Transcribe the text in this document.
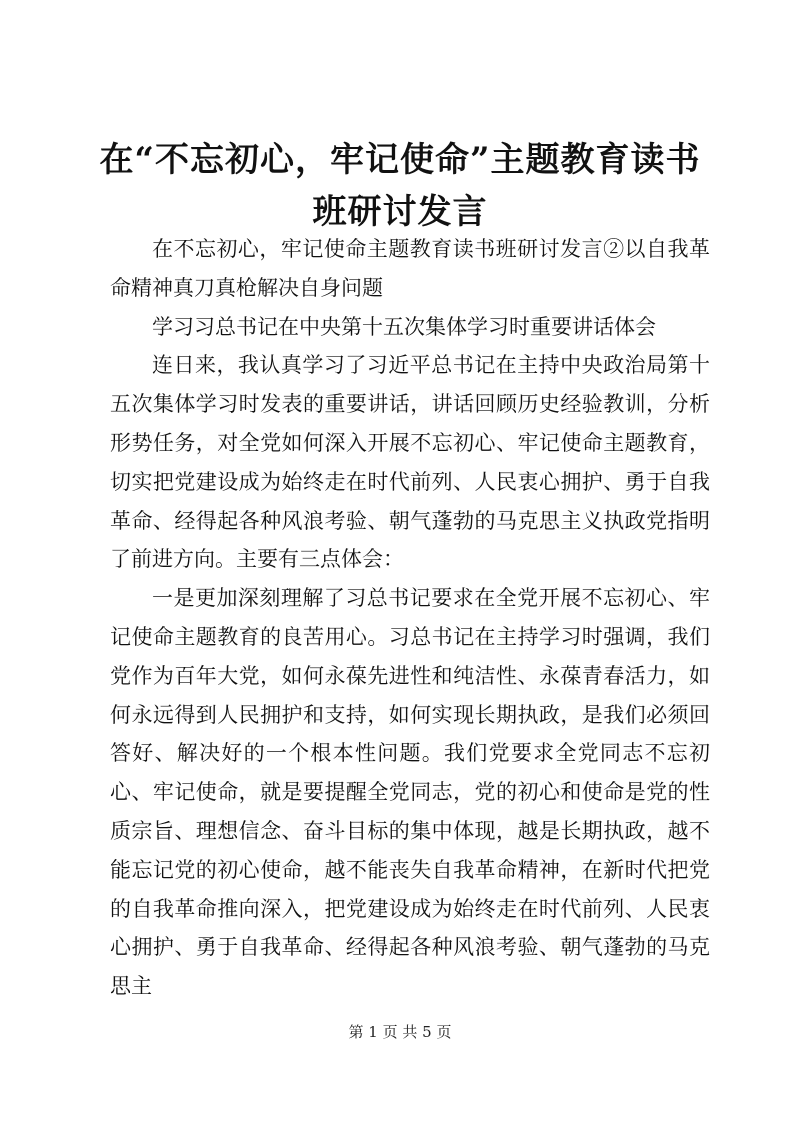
在“不忘初心，牢记使命”主题教育读书班研讨发言

在不忘初心，牢记使命主题教育读书班研讨发言②以自我革命精神真刀真枪解决自身问题

学习习总书记在中央第十五次集体学习时重要讲话体会

连日来，我认真学习了习近平总书记在主持中央政治局第十五次集体学习时发表的重要讲话，讲话回顾历史经验教训，分析形势任务，对全党如何深入开展不忘初心、牢记使命主题教育，切实把党建设成为始终走在时代前列、人民衷心拥护、勇于自我革命、经得起各种风浪考验、朝气蓬勃的马克思主义执政党指明了前进方向。主要有三点体会：

一是更加深刻理解了习总书记要求在全党开展不忘初心、牢记使命主题教育的良苦用心。习总书记在主持学习时强调，我们党作为百年大党，如何永葆先进性和纯洁性、永葆青春活力，如何永远得到人民拥护和支持，如何实现长期执政，是我们必须回答好、解决好的一个根本性问题。我们党要求全党同志不忘初心、牢记使命，就是要提醒全党同志，党的初心和使命是党的性质宗旨、理想信念、奋斗目标的集中体现，越是长期执政，越不能忘记党的初心使命，越不能丧失自我革命精神，在新时代把党的自我革命推向深入，把党建设成为始终走在时代前列、人民衷心拥护、勇于自我革命、经得起各种风浪考验、朝气蓬勃的马克思主

第 1 页 共 5 页
